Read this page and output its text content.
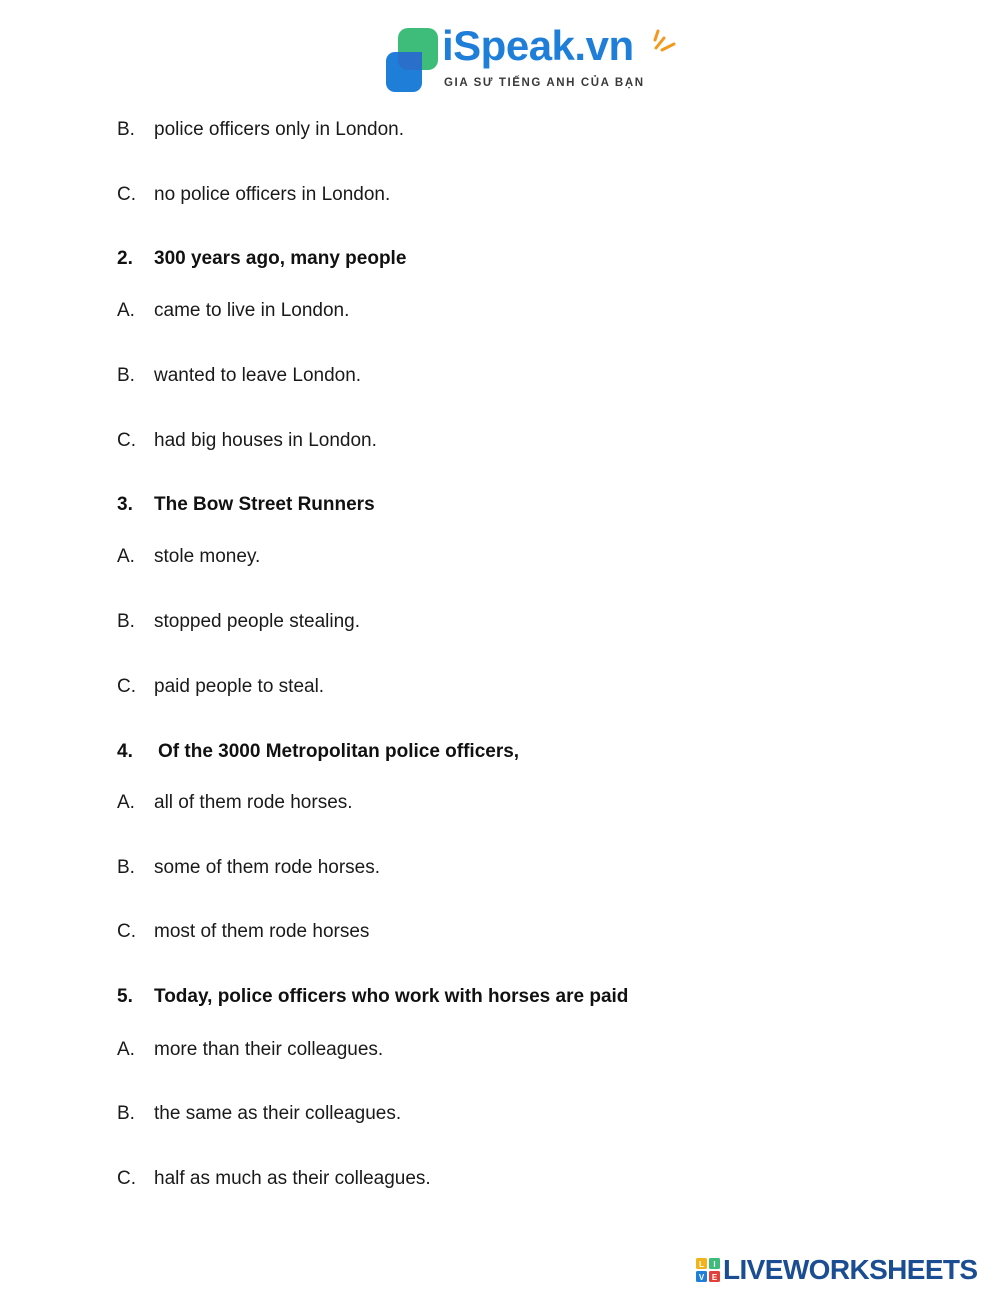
iSpeak.vn
GIA SƯ TIẾNG ANH CỦA BẠN
B. police officers only in London.
C. no police officers in London.
2. 300 years ago, many people
A. came to live in London.
B. wanted to leave London.
C. had big houses in London.
3. The Bow Street Runners
A. stole money.
B. stopped people stealing.
C. paid people to steal.
4. Of the 3000 Metropolitan police officers,
A. all of them rode horses.
B. some of them rode horses.
C. most of them rode horses
5. Today, police officers who work with horses are paid
A. more than their colleagues.
B. the same as their colleagues.
C. half as much as their colleagues.
L I
V E LIVEWORKSHEETS
